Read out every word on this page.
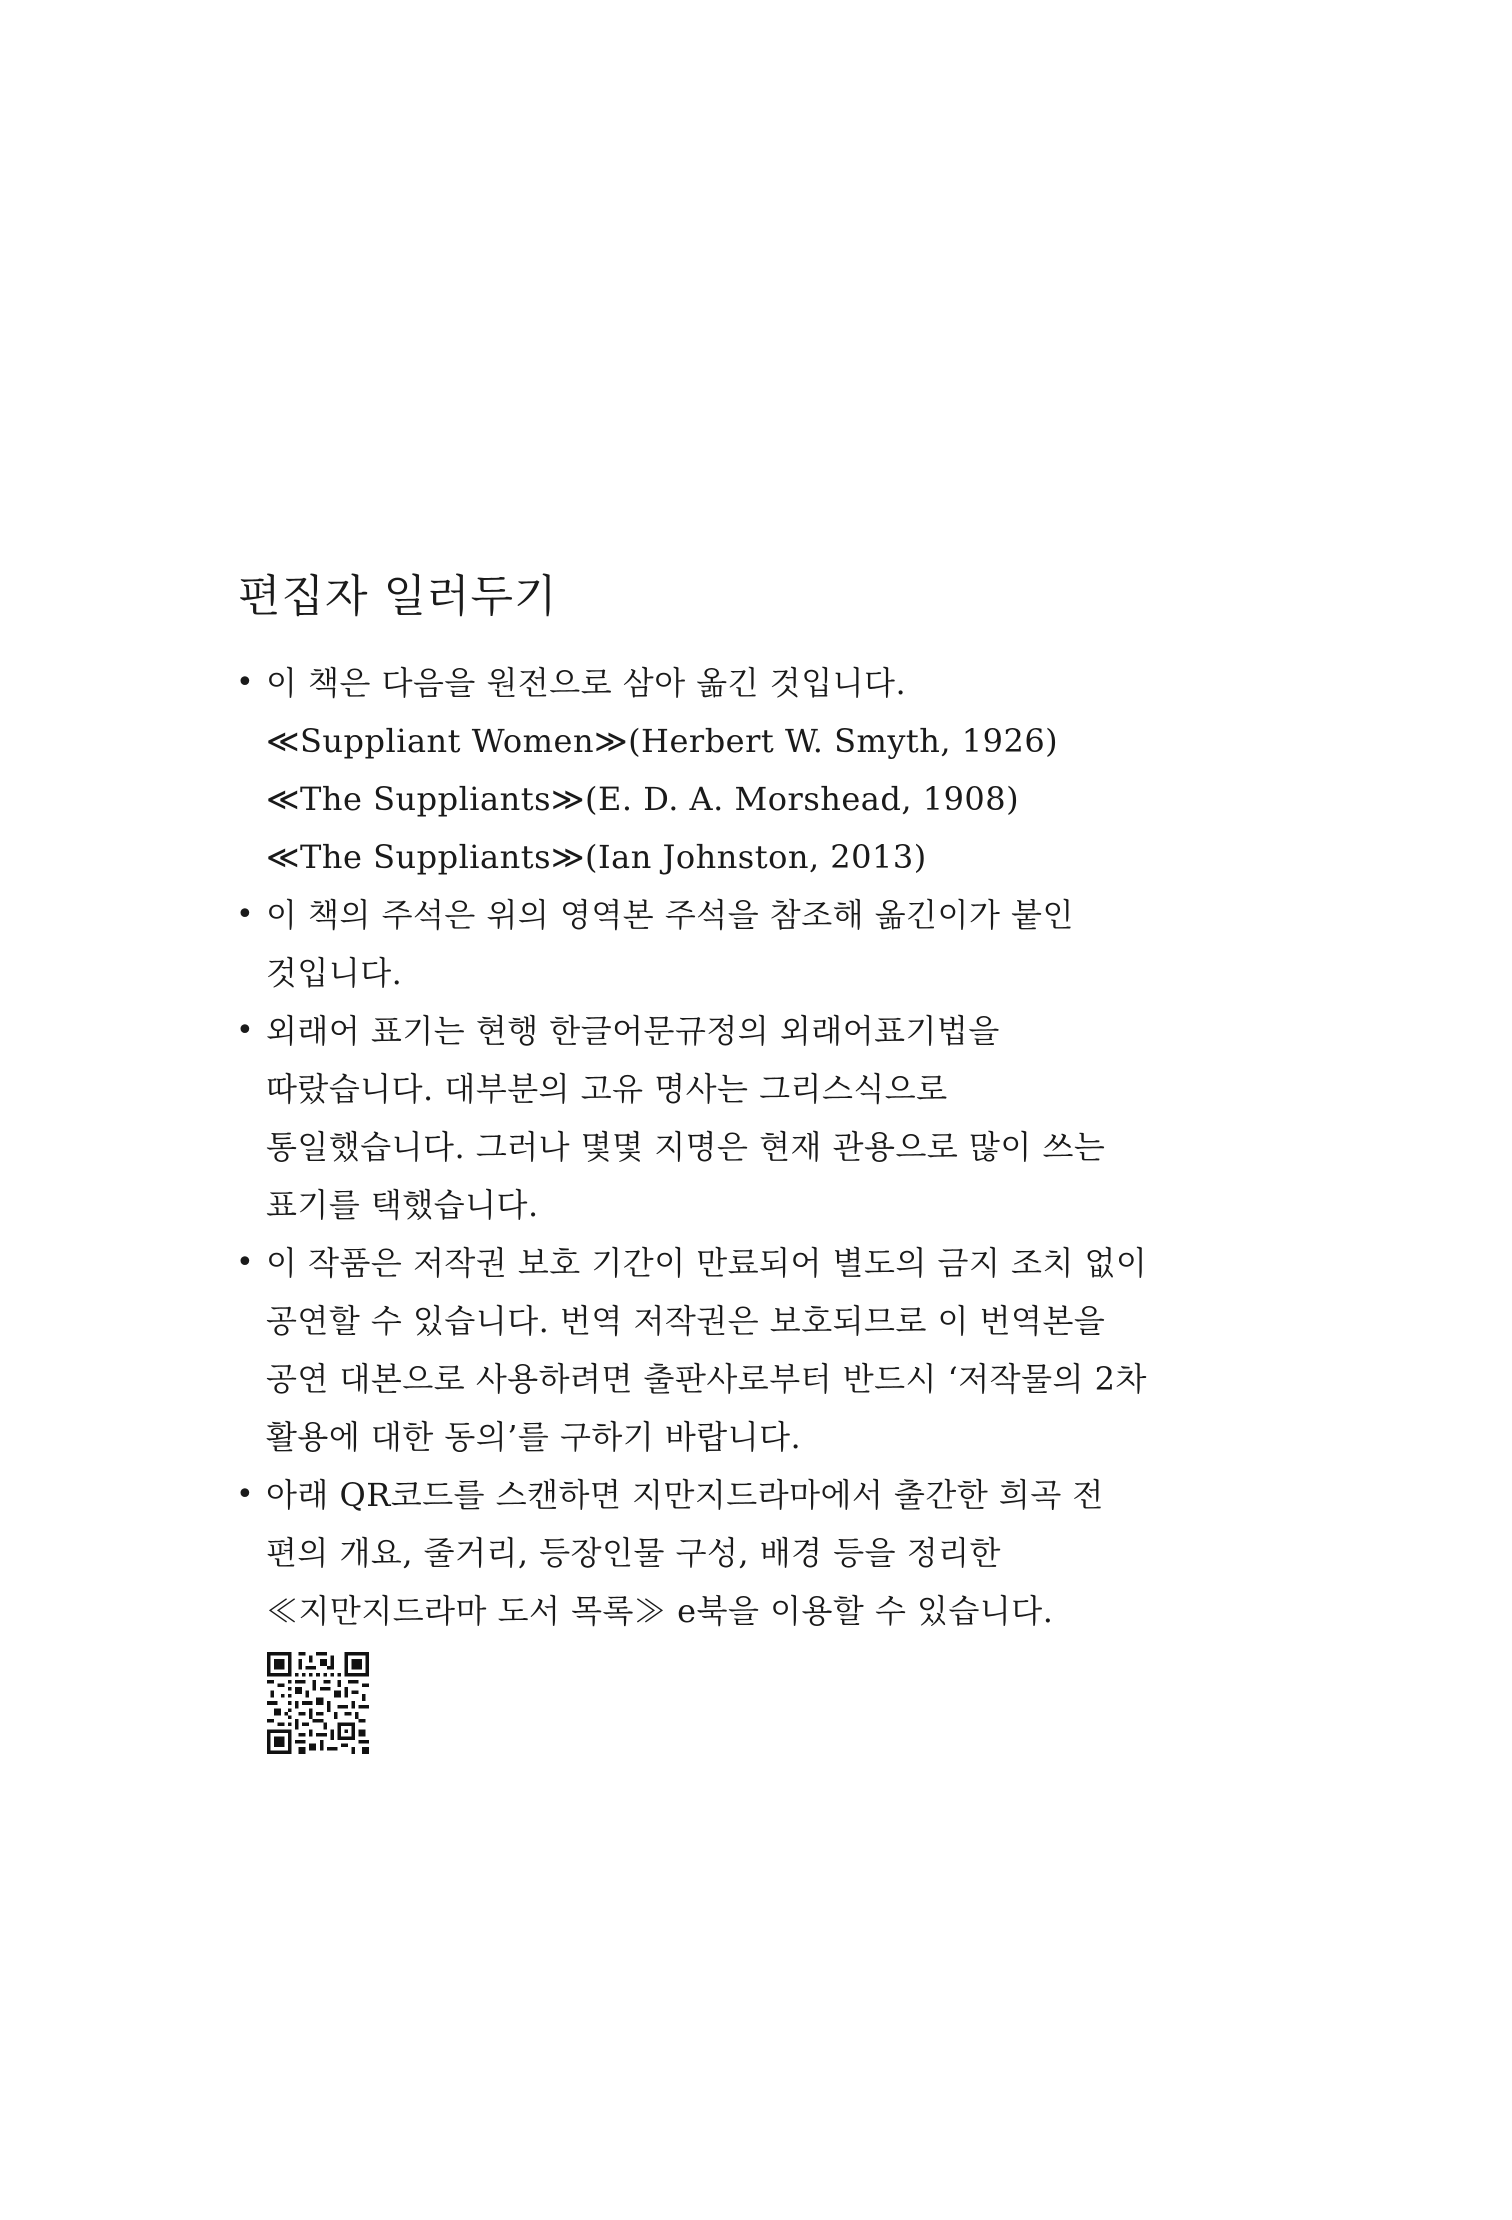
편집자 일러두기
• 이 책은 다음을 원전으로 삼아 옮긴 것입니다.
≪Suppliant Women≫(Herbert W. Smyth, 1926)
≪The Suppliants≫(E. D. A. Morshead, 1908)
≪The Suppliants≫(Ian Johnston, 2013)
• 이 책의 주석은 위의 영역본 주석을 참조해 옮긴이가 붙인
것입니다.
• 외래어 표기는 현행 한글어문규정의 외래어표기법을
따랐습니다. 대부분의 고유 명사는 그리스식으로
통일했습니다. 그러나 몇몇 지명은 현재 관용으로 많이 쓰는
표기를 택했습니다.
• 이 작품은 저작권 보호 기간이 만료되어 별도의 금지 조치 없이
공연할 수 있습니다. 번역 저작권은 보호되므로 이 번역본을
공연 대본으로 사용하려면 출판사로부터 반드시 ‘저작물의 2차
활용에 대한 동의’를 구하기 바랍니다.
• 아래 QR코드를 스캔하면 지만지드라마에서 출간한 희곡 전
편의 개요, 줄거리, 등장인물 구성, 배경 등을 정리한
≪지만지드라마 도서 목록≫ e북을 이용할 수 있습니다.
